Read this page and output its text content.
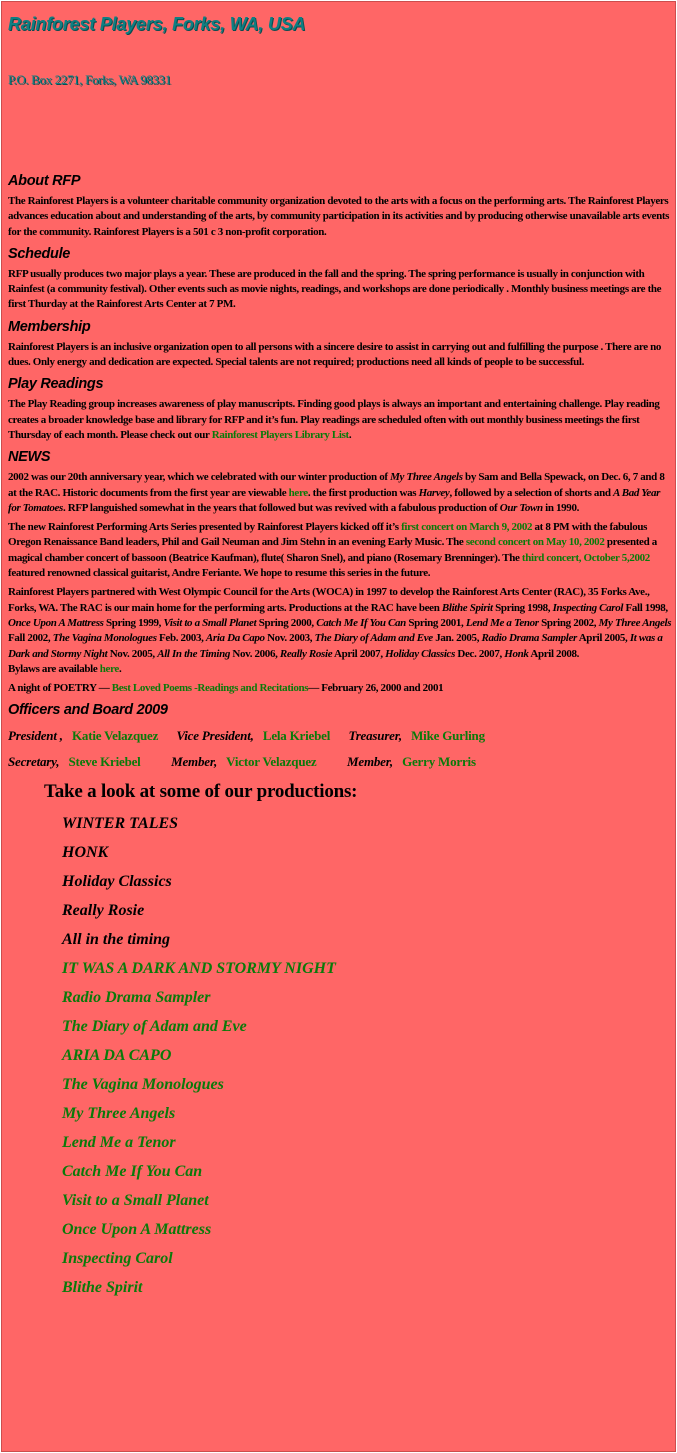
Rainforest Players, Forks, WA, USA

P.O. Box 2271, Forks, WA 98331

About RFP

The Rainforest Players is a volunteer charitable community organization devoted to the arts with a focus on the performing arts. The Rainforest Players advances education about and understanding of the arts, by community participation in its activities and by producing otherwise unavailable arts events for the community. Rainforest Players is a 501 c 3 non-profit corporation.

Schedule

RFP usually produces two major plays a year. These are produced in the fall and the spring. The spring performance is usually in conjunction with Rainfest (a community festival). Other events such as movie nights, readings, and workshops are done periodically . Monthly business meetings are the first Thurday at the Rainforest Arts Center at 7 PM.

Membership

Rainforest Players is an inclusive organization open to all persons with a sincere desire to assist in carrying out and fulfilling the purpose . There are no dues. Only energy and dedication are expected. Special talents are not required; productions need all kinds of people to be successful.

Play Readings

The Play Reading group increases awareness of play manuscripts. Finding good plays is always an important and entertaining challenge. Play reading creates a broader knowledge base and library for RFP and it’s fun. Play readings are scheduled often with out monthly business meetings the first Thursday of each month. Please check out our Rainforest Players Library List.

NEWS

2002 was our 20th anniversary year, which we celebrated with our winter production of My Three Angels by Sam and Bella Spewack, on Dec. 6, 7 and 8 at the RAC. Historic documents from the first year are viewable here. the first production was Harvey, followed by a selection of shorts and A Bad Year for Tomatoes. RFP languished somewhat in the years that followed but was revived with a fabulous production of Our Town in 1990.

The new Rainforest Performing Arts Series presented by Rainforest Players kicked off it’s first concert on March 9, 2002 at 8 PM with the fabulous Oregon Renaissance Band leaders, Phil and Gail Neuman and Jim Stehn in an evening Early Music. The second concert on May 10, 2002 presented a magical chamber concert of bassoon (Beatrice Kaufman), flute( Sharon Snel), and piano (Rosemary Brenninger). The third concert, October 5,2002 featured renowned classical guitarist, Andre Feriante. We hope to resume this series in the future.

Rainforest Players partnered with West Olympic Council for the Arts (WOCA) in 1997 to develop the Rainforest Arts Center (RAC), 35 Forks Ave., Forks, WA. The RAC is our main home for the performing arts. Productions at the RAC have been Blithe Spirit Spring 1998, Inspecting Carol Fall 1998, Once Upon A Mattress Spring 1999, Visit to a Small Planet Spring 2000, Catch Me If You Can Spring 2001, Lend Me a Tenor Spring 2002, My Three Angels Fall 2002, The Vagina Monologues Feb. 2003, Aria Da Capo Nov. 2003, The Diary of Adam and Eve Jan. 2005, Radio Drama Sampler April 2005, It was a Dark and Stormy Night Nov. 2005, All In the Timing Nov. 2006, Really Rosie April 2007, Holiday Classics Dec. 2007, Honk April 2008.Bylaws are available here.

A night of POETRY — Best Loved Poems -Readings and Recitations— February 26, 2000 and 2001

Officers and Board 2009
President , Katie Velazquez Vice President, Lela Kriebel Treasurer, Mike Gurling
Secretary, Steve Kriebel Member, Victor Velazquez Member, Gerry Morris
Take a look at some of our productions:
WINTER TALES
HONK
Holiday Classics
Really Rosie
All in the timing
IT WAS A DARK AND STORMY NIGHT
Radio Drama Sampler
The Diary of Adam and Eve
ARIA DA CAPO
The Vagina Monologues
My Three Angels
Lend Me a Tenor
Catch Me If You Can
Visit to a Small Planet
Once Upon A Mattress
Inspecting Carol
Blithe Spirit
